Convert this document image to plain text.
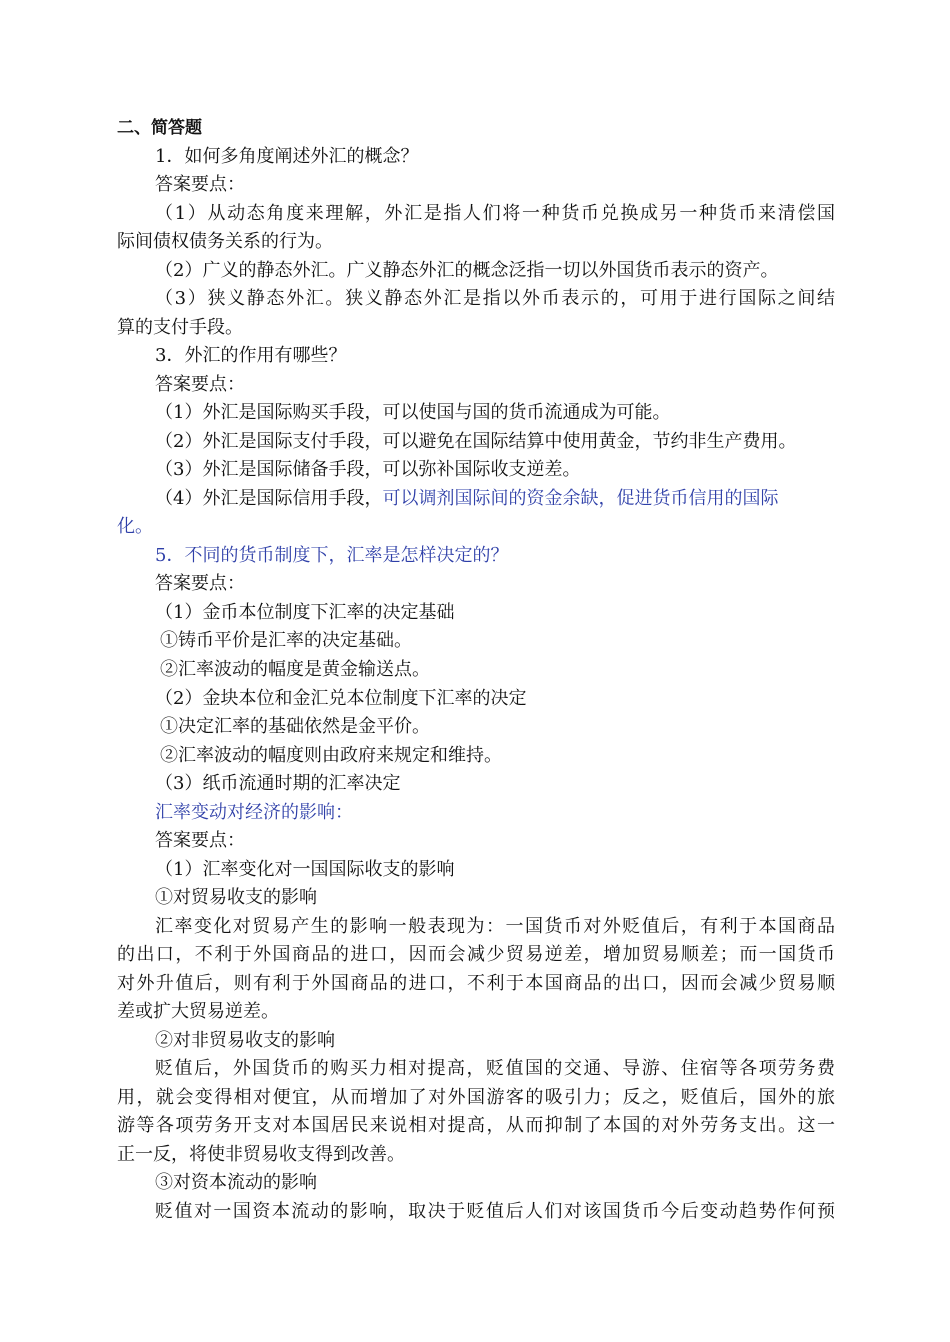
二、简答题
1．如何多角度阐述外汇的概念？
答案要点：
（1）从动态角度来理解，外汇是指人们将一种货币兑换成另一种货币来清偿国
际间债权债务关系的行为。
（2）广义的静态外汇。广义静态外汇的概念泛指一切以外国货币表示的资产。
（3）狭义静态外汇。狭义静态外汇是指以外币表示的，可用于进行国际之间结
算的支付手段。
3．外汇的作用有哪些？
答案要点：
（1）外汇是国际购买手段，可以使国与国的货币流通成为可能。
（2）外汇是国际支付手段，可以避免在国际结算中使用黄金，节约非生产费用。
（3）外汇是国际储备手段，可以弥补国际收支逆差。
（4）外汇是国际信用手段，可以调剂国际间的资金余缺，促进货币信用的国际
化。
5．不同的货币制度下，汇率是怎样决定的？
答案要点：
（1）金币本位制度下汇率的决定基础
①铸币平价是汇率的决定基础。
②汇率波动的幅度是黄金输送点。
（2）金块本位和金汇兑本位制度下汇率的决定
①决定汇率的基础依然是金平价。
②汇率波动的幅度则由政府来规定和维持。
（3）纸币流通时期的汇率决定
汇率变动对经济的影响：
答案要点：
（1）汇率变化对一国国际收支的影响
①对贸易收支的影响
汇率变化对贸易产生的影响一般表现为：一国货币对外贬值后，有利于本国商品
的出口，不利于外国商品的进口，因而会减少贸易逆差，增加贸易顺差；而一国货币
对外升值后，则有利于外国商品的进口，不利于本国商品的出口，因而会减少贸易顺
差或扩大贸易逆差。
②对非贸易收支的影响
贬值后，外国货币的购买力相对提高，贬值国的交通、导游、住宿等各项劳务费
用，就会变得相对便宜，从而增加了对外国游客的吸引力；反之，贬值后，国外的旅
游等各项劳务开支对本国居民来说相对提高，从而抑制了本国的对外劳务支出。这一
正一反，将使非贸易收支得到改善。
③对资本流动的影响
贬值对一国资本流动的影响，取决于贬值后人们对该国货币今后变动趋势作何预
